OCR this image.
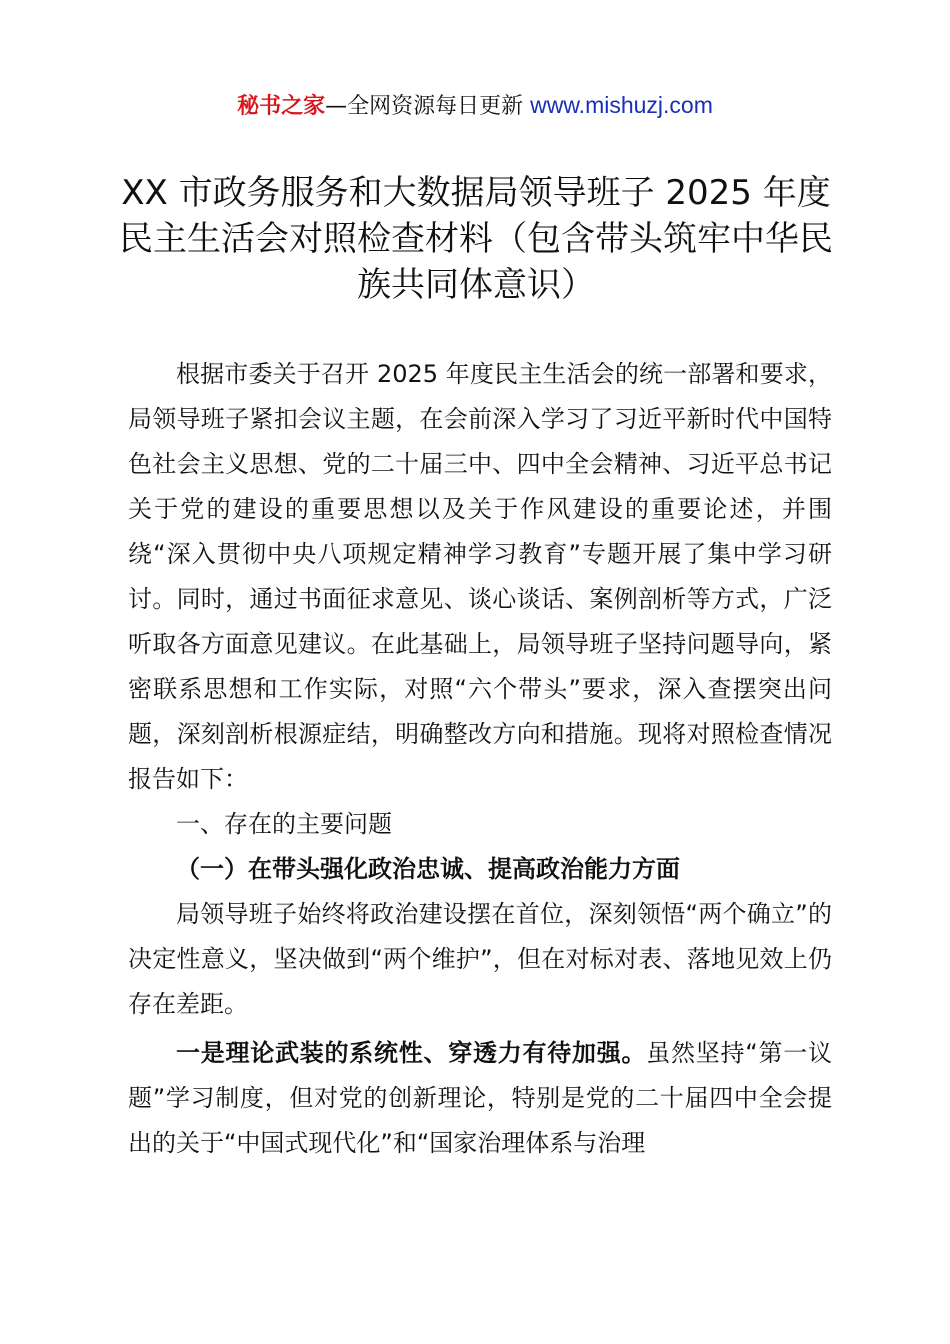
秘书之家—全网资源每日更新 www.mishuzj.com
XX 市政务服务和大数据局领导班子 2025 年度民主生活会对照检查材料（包含带头筑牢中华民族共同体意识）

根据市委关于召开 2025 年度民主生活会的统一部署和要求，局领导班子紧扣会议主题，在会前深入学习了习近平新时代中国特色社会主义思想、党的二十届三中、四中全会精神、习近平总书记关于党的建设的重要思想以及关于作风建设的重要论述，并围绕“深入贯彻中央八项规定精神学习教育”专题开展了集中学习研讨。同时，通过书面征求意见、谈心谈话、案例剖析等方式，广泛听取各方面意见建议。在此基础上，局领导班子坚持问题导向，紧密联系思想和工作实际，对照“六个带头”要求，深入查摆突出问题，深刻剖析根源症结，明确整改方向和措施。现将对照检查情况报告如下：

一、存在的主要问题

（一）在带头强化政治忠诚、提高政治能力方面

局领导班子始终将政治建设摆在首位，深刻领悟“两个确立”的决定性意义，坚决做到“两个维护”，但在对标对表、落地见效上仍存在差距。

一是理论武装的系统性、穿透力有待加强。虽然坚持“第一议题”学习制度，但对党的创新理论，特别是党的二十届四中全会提出的关于“中国式现代化”和“国家治理体系与治理
